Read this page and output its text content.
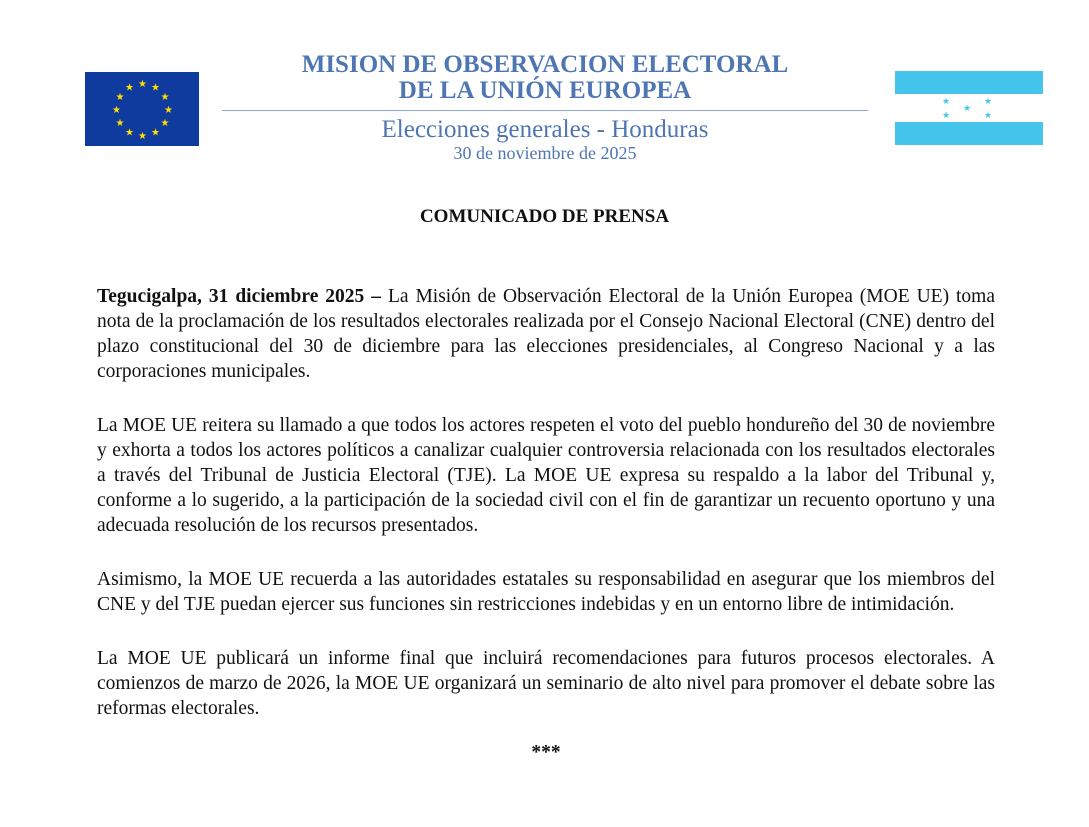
★ ★
★
★
★
★
★
★
★
★
★
★
MISION DE OBSERVACION ELECTORAL
DE LA UNIÓN EUROPEA
Elecciones generales - Honduras
30 de noviembre de 2025
★	★
★
★	★
COMUNICADO DE PRENSA

Tegucigalpa, 31 diciembre 2025 – La Misión de Observación Electoral de la Unión Europea (MOE UE) toma nota de la proclamación de los resultados electorales realizada por el Consejo Nacional Electoral (CNE) dentro del plazo constitucional del 30 de diciembre para las elecciones presidenciales, al Congreso Nacional y a las corporaciones municipales.

La MOE UE reitera su llamado a que todos los actores respeten el voto del pueblo hondureño del 30 de noviembre y exhorta a todos los actores políticos a canalizar cualquier controversia relacionada con los resultados electorales a través del Tribunal de Justicia Electoral (TJE). La MOE UE expresa su respaldo a la labor del Tribunal y, conforme a lo sugerido, a la participación de la sociedad civil con el fin de garantizar un recuento oportuno y una adecuada resolución de los recursos presentados.

Asimismo, la MOE UE recuerda a las autoridades estatales su responsabilidad en asegurar que los miembros del CNE y del TJE puedan ejercer sus funciones sin restricciones indebidas y en un entorno libre de intimidación.

La MOE UE publicará un informe final que incluirá recomendaciones para futuros procesos electorales. A comienzos de marzo de 2026, la MOE UE organizará un seminario de alto nivel para promover el debate sobre las reformas electorales.

***
